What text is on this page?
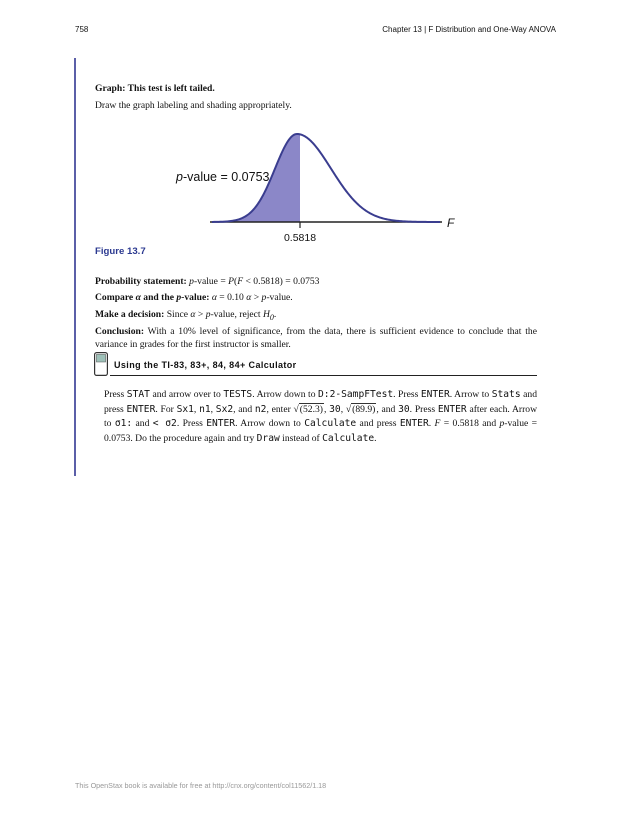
758	Chapter 13 | F Distribution and One-Way ANOVA
Graph: This test is left tailed.
Draw the graph labeling and shading appropriately.
0.5818
F
p-value = 0.0753
Figure 13.7
Probability statement: p-value = P(F < 0.5818) = 0.0753
Compare α and the p-value: α = 0.10 α > p-value.
Make a decision: Since α > p-value, reject $H_0$.
Conclusion: With a 10% level of significance, from the data, there is sufficient evidence to conclude that the variance in grades for the first instructor is smaller.
Using the TI-83, 83+, 84, 84+ Calculator
Press STAT and arrow over to TESTS. Arrow down to D:2-SampFTest. Press ENTER. Arrow to Stats and press ENTER. For Sx1, n1, Sx2, and n2, enter √(52.3), 30, √(89.9), and 30. Press ENTER after each. Arrow to σ1: and < σ2. Press ENTER. Arrow down to Calculate and press ENTER. F = 0.5818 and p-value = 0.0753. Do the procedure again and try Draw instead of Calculate.
This OpenStax book is available for free at http://cnx.org/content/col11562/1.18
